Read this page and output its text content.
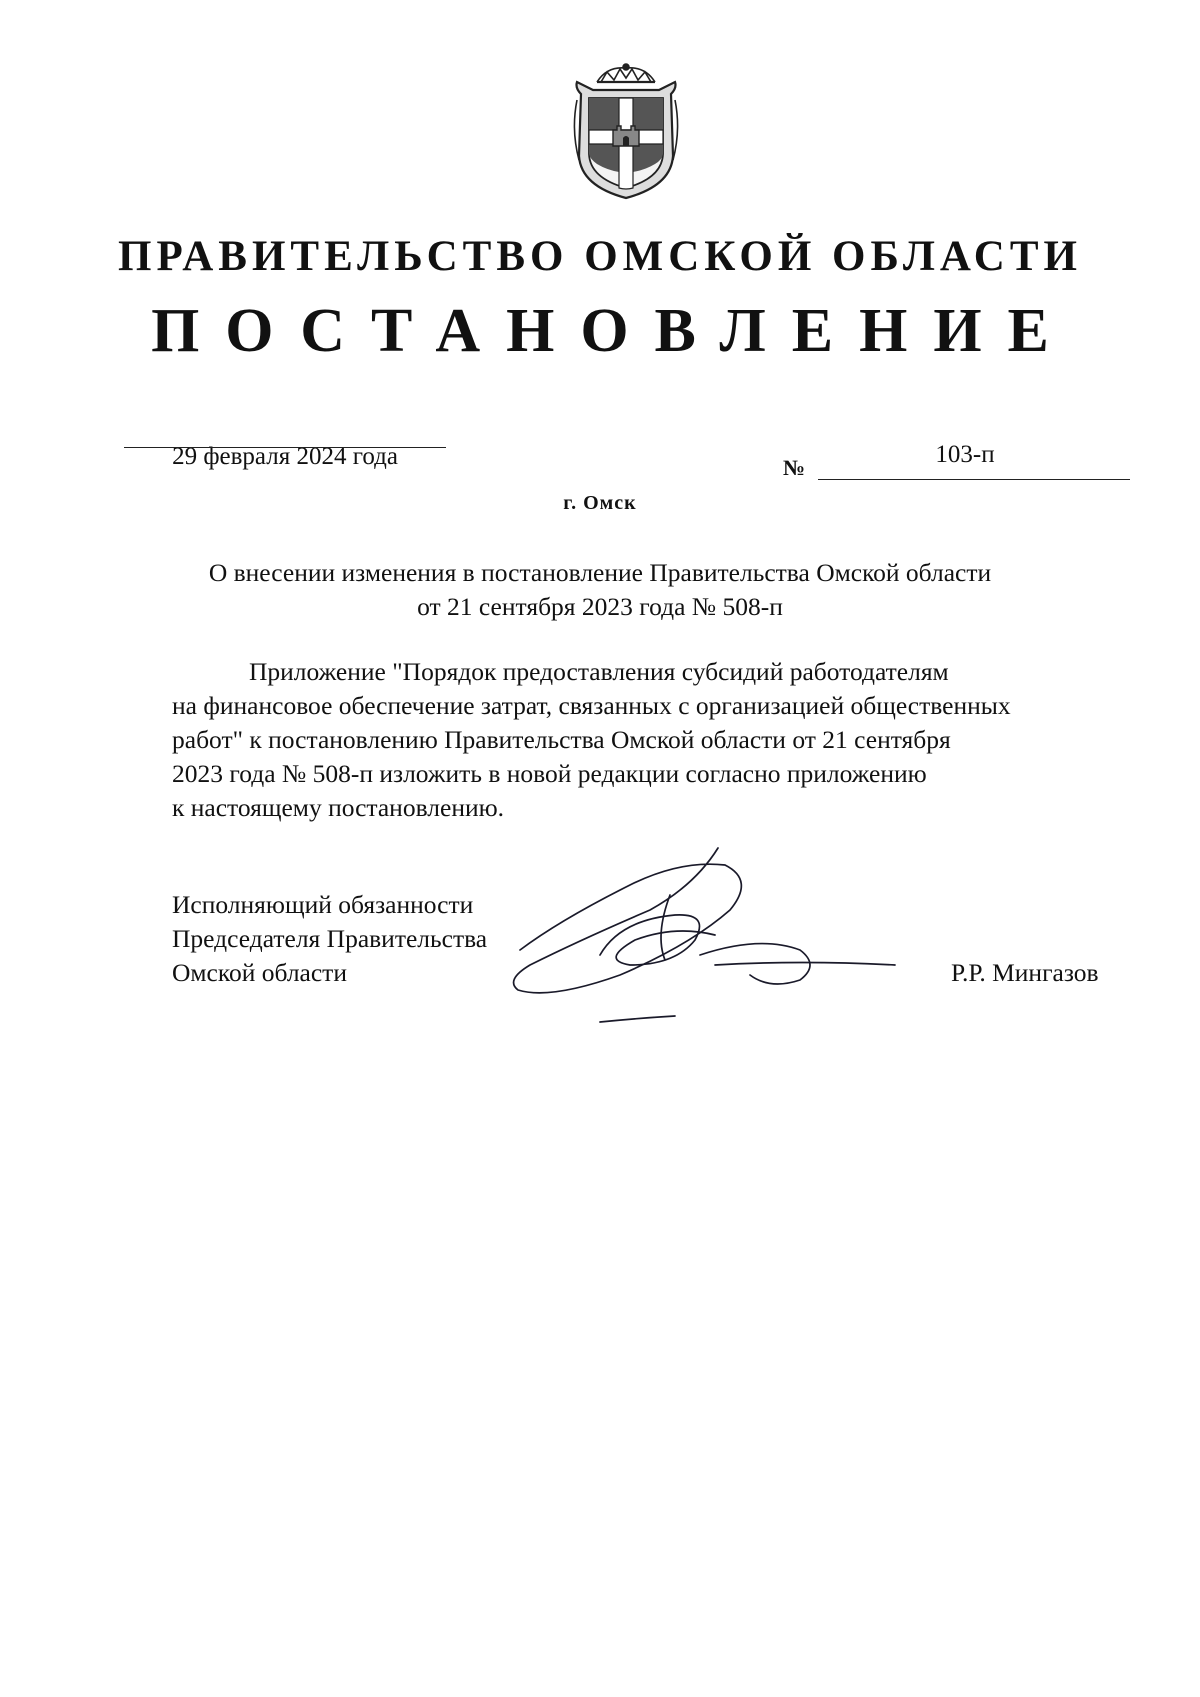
ПРАВИТЕЛЬСТВО ОМСКОЙ ОБЛАСТИ
ПОСТАНОВЛЕНИЕ
29 февраля 2024 года	№	103-п
г. Омск
О внесении изменения в постановление Правительства Омской области
от 21 сентября 2023 года № 508-п
Приложение "Порядок предоставления субсидий работодателям
на финансовое обеспечение затрат, связанных с организацией общественных
работ" к постановлению Правительства Омской области от 21 сентября
2023 года № 508-п изложить в новой редакции согласно приложению
к настоящему постановлению.
Исполняющий обязанности
Председателя Правительства
Омской области	Р.Р. Мингазов
